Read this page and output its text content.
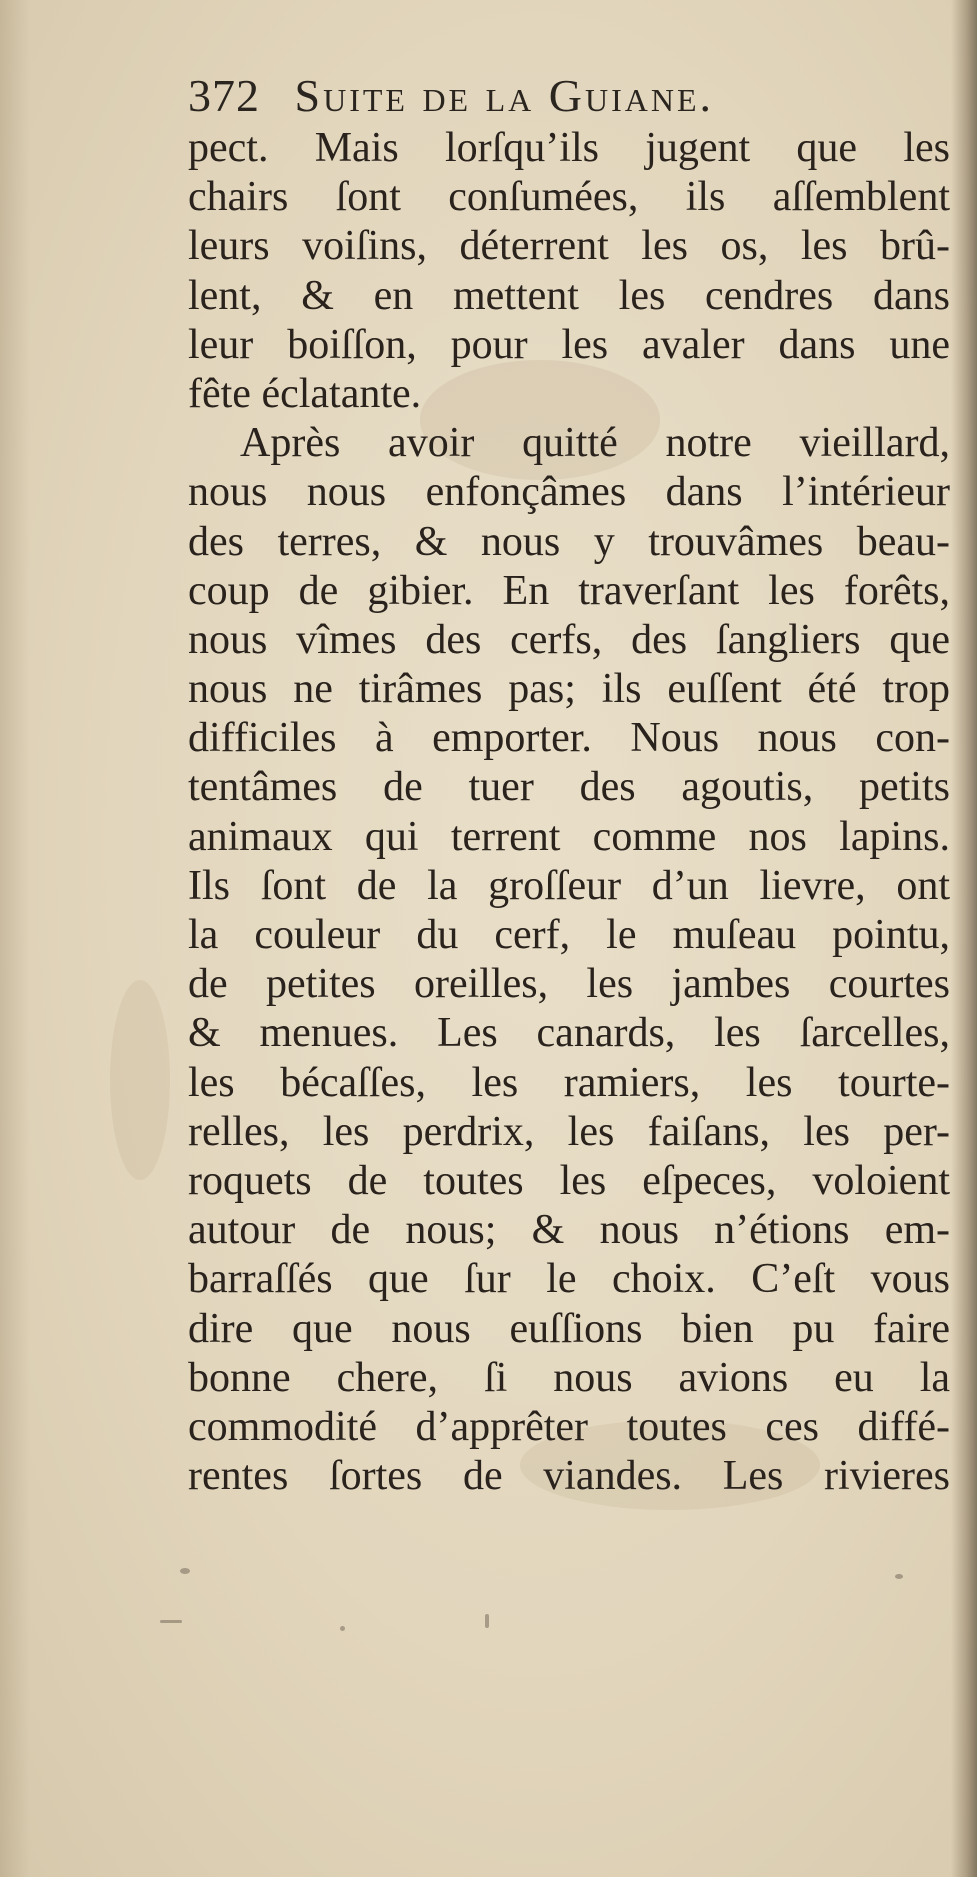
372 Suite de la Guiane.
pect. Mais lorſqu’ils jugent que les
chairs ſont conſumées, ils aſſemblent
leurs voiſins, déterrent les os, les brû-
lent, & en mettent les cendres dans
leur boiſſon, pour les avaler dans une
fête éclatante.
Après avoir quitté notre vieillard,
nous nous enfonçâmes dans l’intérieur
des terres, & nous y trouvâmes beau-
coup de gibier. En traverſant les forêts,
nous vîmes des cerfs, des ſangliers que
nous ne tirâmes pas; ils euſſent été trop
difficiles à emporter. Nous nous con-
tentâmes de tuer des agoutis, petits
animaux qui terrent comme nos lapins.
Ils ſont de la groſſeur d’un lievre, ont
la couleur du cerf, le muſeau pointu,
de petites oreilles, les jambes courtes
& menues. Les canards, les ſarcelles,
les bécaſſes, les ramiers, les tourte-
relles, les perdrix, les faiſans, les per-
roquets de toutes les eſpeces, voloient
autour de nous; & nous n’étions em-
barraſſés que ſur le choix. C’eſt vous
dire que nous euſſions bien pu faire
bonne chere, ſi nous avions eu la
commodité d’apprêter toutes ces diffé-
rentes ſortes de viandes. Les rivieres
